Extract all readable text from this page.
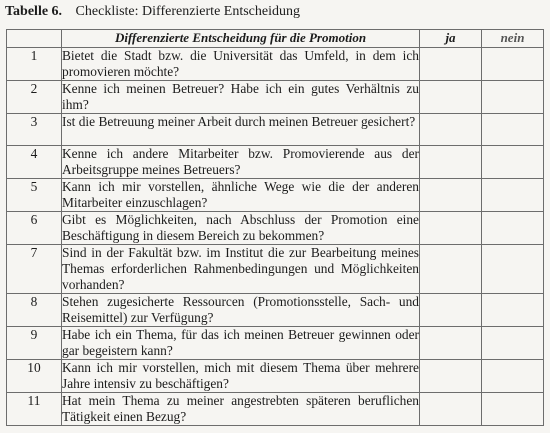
Tabelle 6. Checkliste: Differenzierte Entscheidung
	Differenzierte Entscheidung für die Promotion	ja	nein
1	Bietet die Stadt bzw. die Universität das Umfeld, in dem ich promovieren möchte?		
2	Kenne ich meinen Betreuer? Habe ich ein gutes Verhältnis zu ihm?		
3	Ist die Betreuung meiner Arbeit durch meinen Betreuer gesichert?		
4	Kenne ich andere Mitarbeiter bzw. Promovierende aus der Arbeitsgruppe meines Betreuers?		
5	Kann ich mir vorstellen, ähnliche Wege wie die der anderen Mitarbeiter einzuschlagen?		
6	Gibt es Möglichkeiten, nach Abschluss der Promotion eine Beschäftigung in diesem Bereich zu bekommen?		
7	Sind in der Fakultät bzw. im Institut die zur Bearbeitung meines Themas erforderlichen Rahmenbedingungen und Möglichkeiten vorhanden?		
8	Stehen zugesicherte Ressourcen (Promotionsstelle, Sach- und Reisemittel) zur Verfügung?		
9	Habe ich ein Thema, für das ich meinen Betreuer gewinnen oder gar begeistern kann?		
10	Kann ich mir vorstellen, mich mit diesem Thema über mehrere Jahre intensiv zu beschäftigen?		
11	Hat mein Thema zu meiner angestrebten späteren beruflichen Tätigkeit einen Bezug?		
